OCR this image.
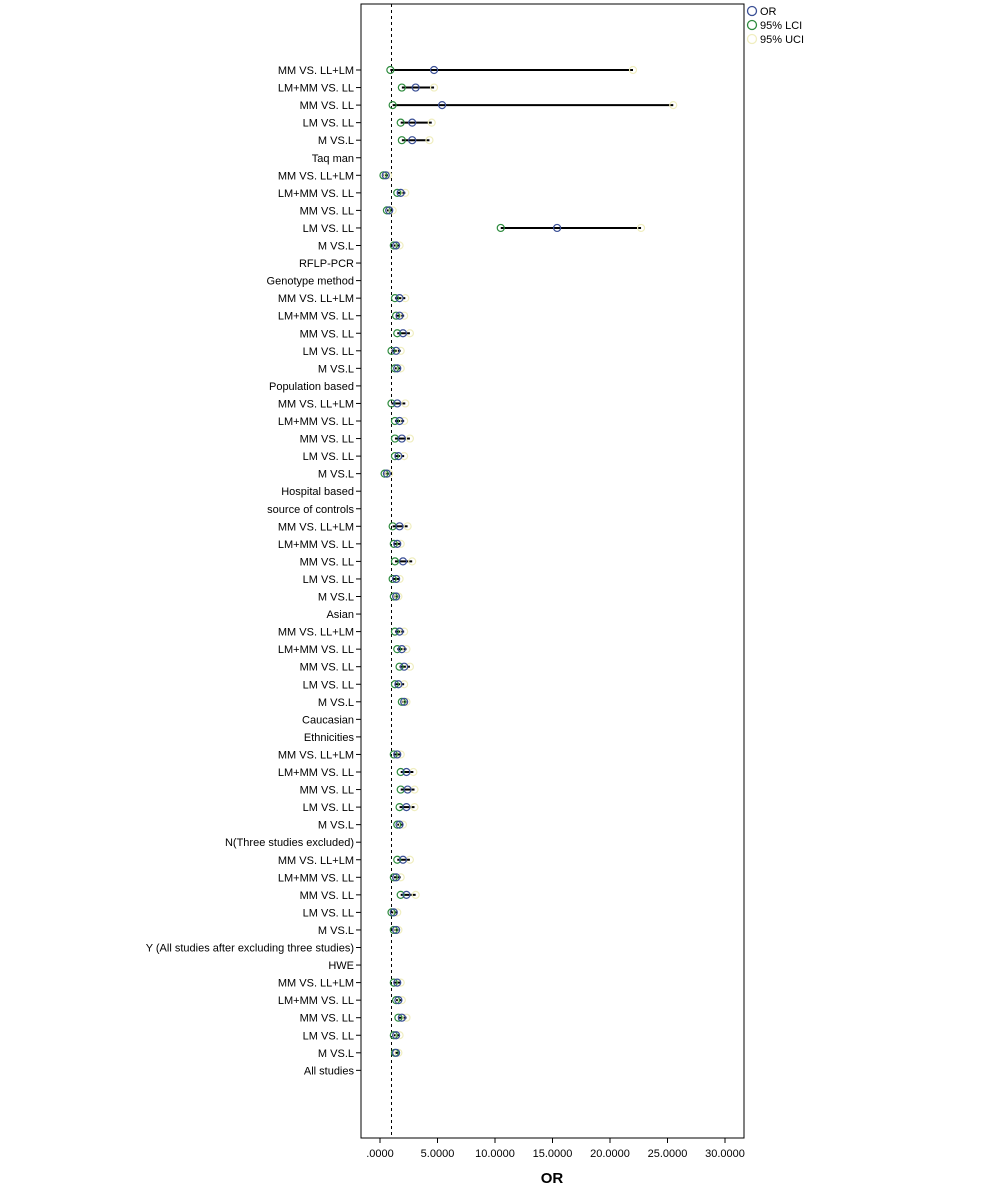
MM VS. LL+LM
LM+MM VS. LL
MM VS. LL
LM VS. LL
M VS.L
Taq man
MM VS. LL+LM
LM+MM VS. LL
MM VS. LL
LM VS. LL
M VS.L
RFLP-PCR
Genotype method
MM VS. LL+LM
LM+MM VS. LL
MM VS. LL
LM VS. LL
M VS.L
Population based
MM VS. LL+LM
LM+MM VS. LL
MM VS. LL
LM VS. LL
M VS.L
Hospital based
source of controls
MM VS. LL+LM
LM+MM VS. LL
MM VS. LL
LM VS. LL
M VS.L
Asian
MM VS. LL+LM
LM+MM VS. LL
MM VS. LL
LM VS. LL
M VS.L
Caucasian
Ethnicities
MM VS. LL+LM
LM+MM VS. LL
MM VS. LL
LM VS. LL
M VS.L
N(Three studies excluded)
MM VS. LL+LM
LM+MM VS. LL
MM VS. LL
LM VS. LL
M VS.L
Y (All studies after excluding three studies)
HWE
MM VS. LL+LM
LM+MM VS. LL
MM VS. LL
LM VS. LL
M VS.L
All studies
.0000 5.0000 10.0000 15.0000 20.0000 25.0000 30.0000
OR
OR
95% LCI
95% UCI
